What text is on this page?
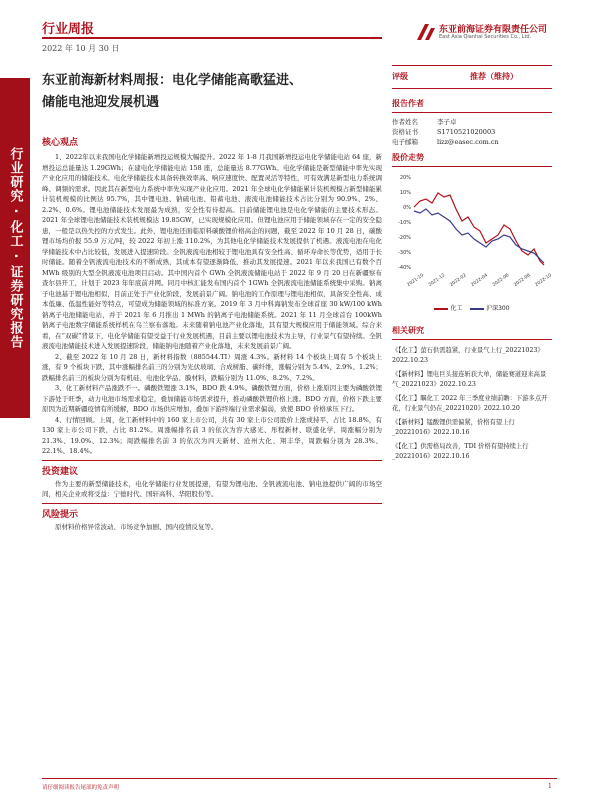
行业周报
2022 年 10 月 30 日
东亚前海证券有限责任公司
East Asia Qianhai Securities Co., Ltd.
行业研究 · 化工 · 证券研究报告
东亚前海新材料周报：电化学储能高歌猛进、
储能电池迎发展机遇
核心观点

1、2022年以来我国电化学储能新增投运规模大幅提升。2022 年 1-8 月我国新增投运电化学储能电站 64 座，新增投运总能量达 1.29GWh；在建电化学储能电站 158 座，总能量达 8.77GWh。电化学储能是新型储能中率先实现产业化应用的储能技术。电化学储能技术具备转换效率高、响应速度快、配置灵活等特性，可有效满足新型电力系统调峰、调频的需求。因此其在新型电力系统中率先实现产业化应用。2021 年全球电化学储能累计装机规模占新型储能累计装机规模的比例达 95.7%，其中锂电池、钠硫电池、铅蓄电池、液流电池储能技术占比分别为 90.9%、2%、2.2%、0.6%。锂电池储能技术发展最为成熟，安全性有待提高。目前储能锂电池是电化学储能的主要技术形态。2021 年全球锂电池储能技术装机规模达 19.85GW，已实现规模化应用。但锂电池应用于储能领域存在一定的安全隐患，一般是以热失控的方式发生。此外，锂电池还面临原料碳酸锂价格高企的问题，截至 2022 年 10 月 28 日，碳酸锂市场均价报 55.9 万元/吨，较 2022 年初上涨 110.2%，为其他电化学储能技术发展提供了机遇。液流电池在电化学储能技术中占比较低，发展进入提速阶段。全钒液流电池相较于锂电池具有安全性高、循环寿命长等优势，适用于长时储能。随着全钒液流电池技术的不断成熟，其成本有望逐渐降低，推动其发展提速。2021 年以来我国已有数个百 MWh 级别的大型全钒液流电池项目启动。其中国内首个 GWh 全钒液流储能电站于 2022 年 9 月 20 日在新疆察布查尔县开工，计划于 2023 年年底前并网。同月中核汇能发布国内首个 1GWh 全钒液流电池储能系统集中采购。钠离子电池基于锂电池相似，目前正处于产业化阶段，发展前景广阔。钠电池的工作原理与锂电池相似，具备安全性高、成本低廉、低温性能好等特点，可望成为储能领域的标准方案。2019 年 3 月中科海钠发布全球首座 30 kW/100 kWh 钠离子电池储能电站，并于 2021 年 6 月推出 1 MWh 的钠离子电池储能系统。2021 年 11 月全球首台 100kWh 钠离子电池数字储能系统样机在乌兰察布落地。未来随着钠电池产业化落地，其有望大规模应用于储能领域。综合来看，在“双碳”背景下，电化学储能有望受益于行业发展机遇，目前主要以锂电池技术为主导，行业景气有望持续。全钒液流电池储能技术进入发展提速阶段，储能钠电池随着产业化落地，未来发展前景广阔。

2、截至 2022 年 10 月 28 日，新材料指数（885544.TI）周涨 4.3%。新材料 14 个板块上周有 5 个板块上涨，有 9 个板块下跌，其中涨幅排名前三的分别为光伏玻璃、合成树脂、碳纤维，涨幅分别为 5.4%、2.9%、1.2%；跌幅排名前三的板块分别为有机硅、电池化学品、膜材料，跌幅分别为 11.0%、8.2%、7.2%。

3、化工新材料产品涨跌不一。磷酸铁锂涨 3.1%，BDO 跌 4.9%。磷酸铁锂方面，价格上涨原因主要为磷酸铁锂下游处于旺季，动力电池市场需求稳定，叠加储能市场需求提升，推动磷酸铁锂价格上涨。BDO 方面，价格下跌主要原因为近期新疆疫情有所缓解，BDO 市场供应增加，叠加下游终端行业需求偏弱，致使 BDO 价格承压下行。

4、行情回顾。上周，化工新材料中的 160 家上市公司，共有 30 家上市公司股价上涨或持平，占比 18.8%，有 130 家上市公司下跌，占比 81.2%。周涨幅排名前 3 的依次为容大感光、彤程新材、联盛化学，周涨幅分别为 21.3%、19.0%、12.3%；周跌幅排名前 3 的依次为四天新材、沧州大化、翔丰华，周跌幅分别为 28.3%、22.1%、18.4%。

投资建议

作为主要的新型储能技术，电化学储能行业发展提速，有望为锂电池、全钒液流电池、钠电池提供广阔的市场空间，相关企业或将受益：宁德时代、国轩高科、华阳股份等。

风险提示

原材料价格异常波动、市场竞争加剧、国内疫情反复等。

评级	推荐（维持）
报告作者
作者姓名	李子卓
资格证书	S1710521020003
电子邮箱	lizz@easec.com.cn
股价走势
20%
10%
0%
-10%
-20%
-30%
-40%
2021-10 2021-12 2022-02 2022-04 2022-06 2022-08 2022-10
化工	沪深300
相关研究
《【化工】萤石供需趋紧，行业景气上行_20221023》2022.10.23
《【新材料】锂电巨头接连斩获大单，储能赛道迎来高景气_20221023》2022.10.23
《【化工】瞩化工 2022 年三季度业绩前瞻：下游多点开花，行业景气仍在_20221020》2022.10.20
《【新材料】锰酸锂供需偏紧，价格有望上行_20221016》2022.10.16
《【化工】供需格局改善，TDI 价格有望持续上行_20221016》2022.10.16
请仔细阅读报告尾部的免责声明	1
